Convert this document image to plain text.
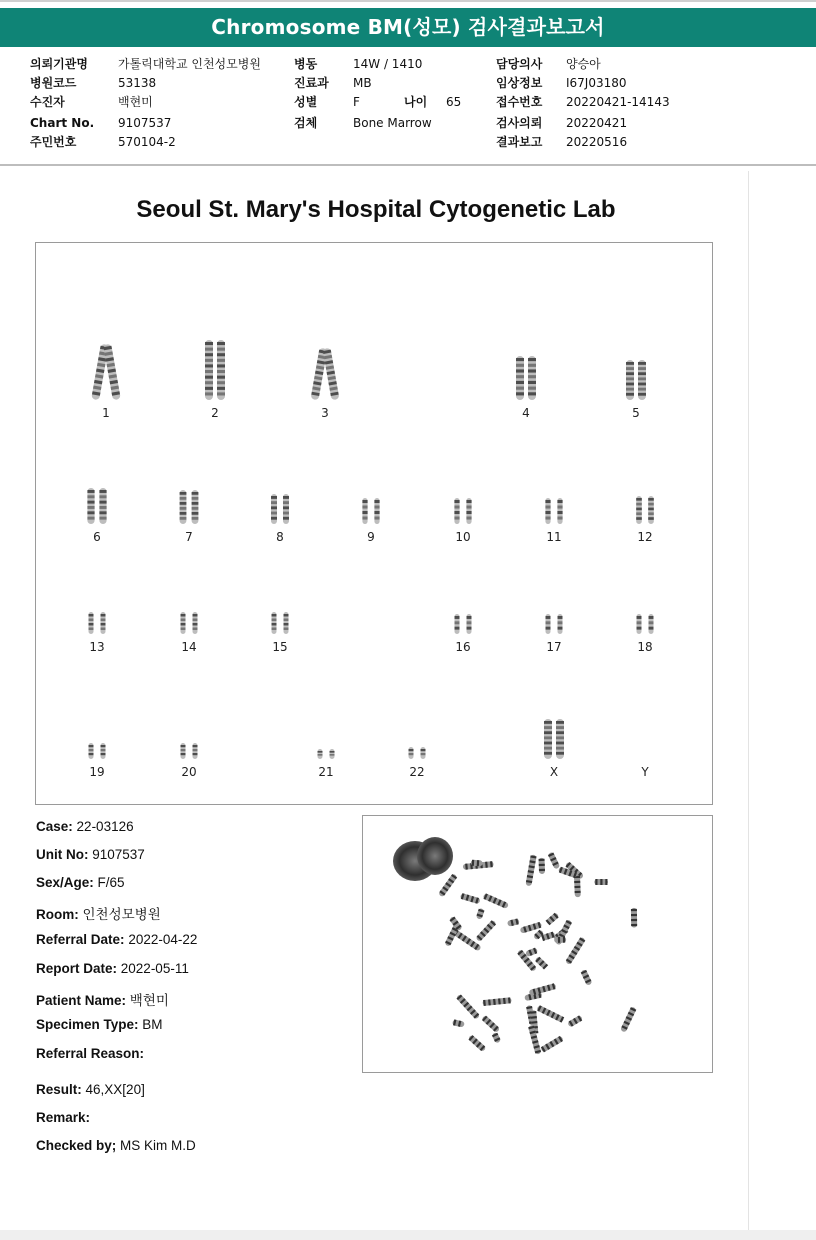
Chromosome BM(성모) 검사결과보고서
의뢰기관명	가톨릭대학교 인천성모병원
병원코드	53138
수진자	백현미
Chart No. 9107537
주민번호	570104-2
병동	14W / 1410
진료과 MB
성별	F	나이 65
검체	Bone Marrow
담당의사 양승아
임상정보 I67J03180
접수번호 20220421-14143
검사의뢰 20220421
결과보고 20220516
Seoul St. Mary's Hospital Cytogenetic Lab
1	2	3	4	5
6	7	8	9	10	11	12
13	14	15	16	17	18
19	20	21	22	X	Y
Case: 22-03126
Unit No: 9107537
Sex/Age: F/65
Room: 인천성모병원
Referral Date: 2022-04-22
Report Date: 2022-05-11
Patient Name: 백현미
Specimen Type: BM
Referral Reason:
Result: 46,XX[20]
Remark:
Checked by; MS Kim M.D
